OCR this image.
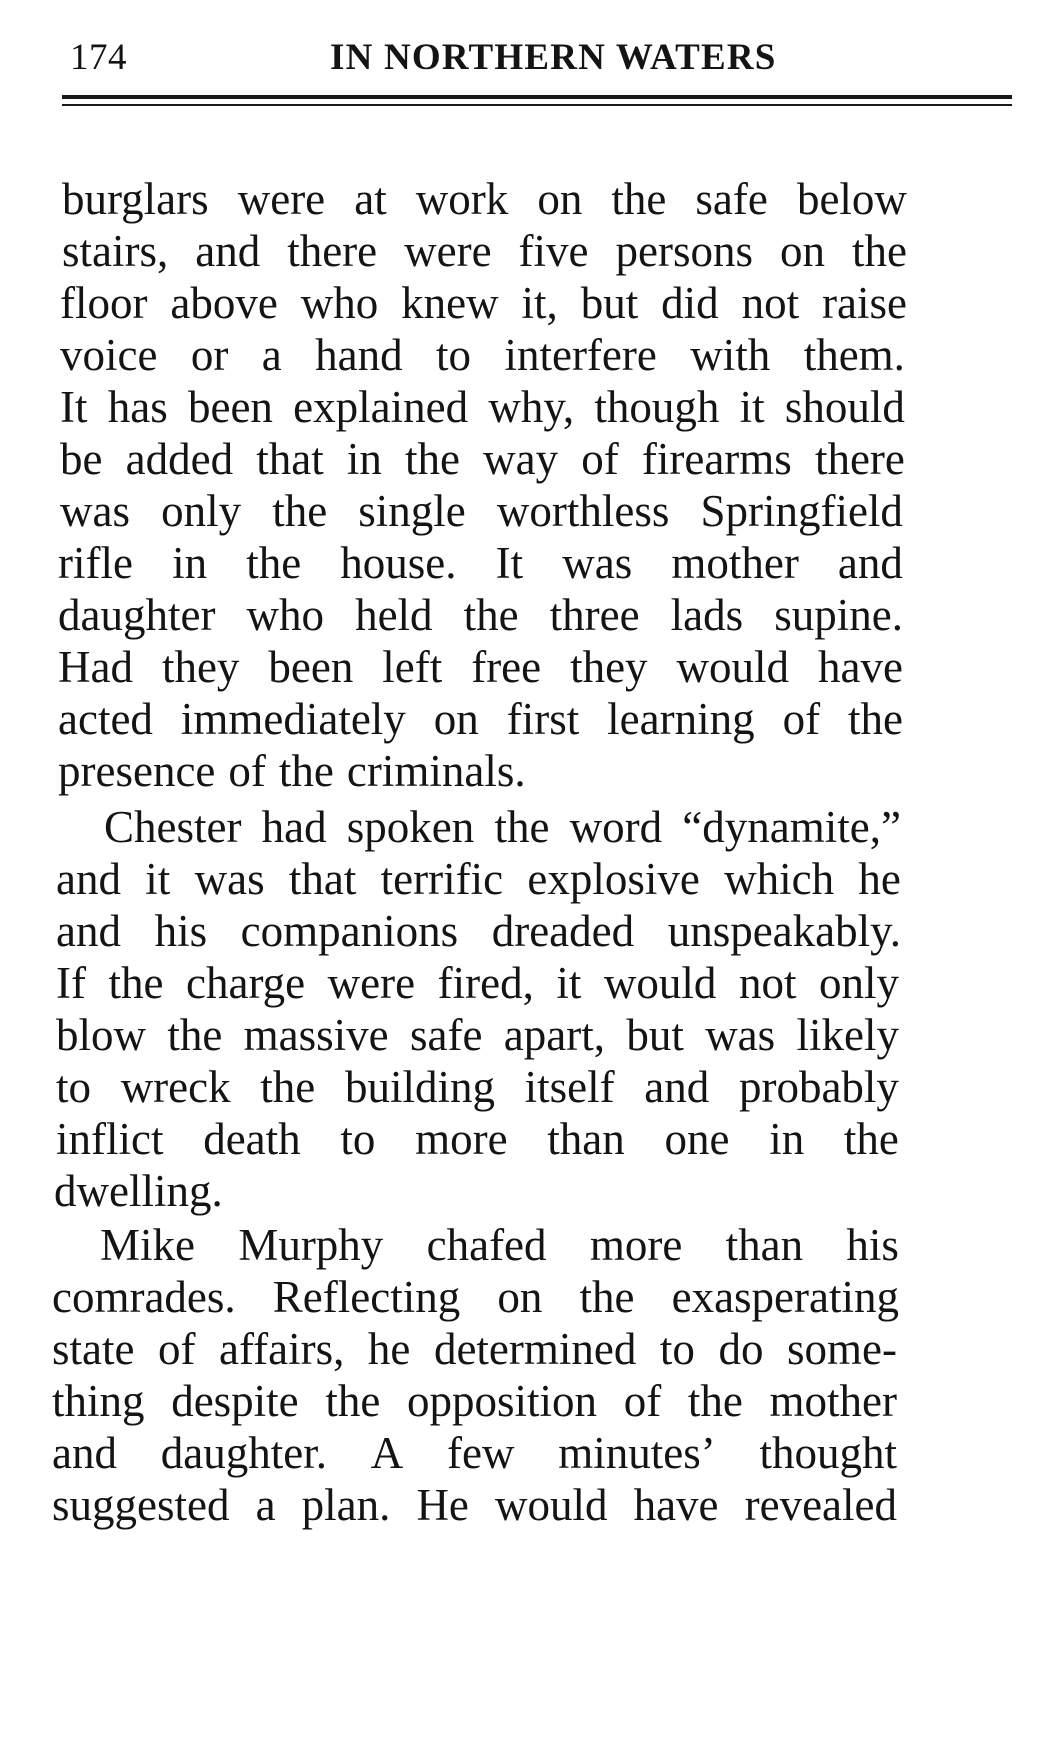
174	IN NORTHERN WATERS
burglars were at work on the safe below
stairs, and there were five persons on the
floor above who knew it, but did not raise
voice or a hand to interfere with them.
It has been explained why, though it should
be added that in the way of firearms there
was only the single worthless Springfield
rifle in the house. It was mother and
daughter who held the three lads supine.
Had they been left free they would have
acted immediately on first learning of the
presence of the criminals.
Chester had spoken the word “dynamite,”
and it was that terrific explosive which he
and his companions dreaded unspeakably.
If the charge were fired, it would not only
blow the massive safe apart, but was likely
to wreck the building itself and probably
inflict death to more than one in the
dwelling.
Mike Murphy chafed more than his
comrades. Reflecting on the exasperating
state of affairs, he determined to do some-
thing despite the opposition of the mother
and daughter. A few minutes’ thought
suggested a plan. He would have revealed
